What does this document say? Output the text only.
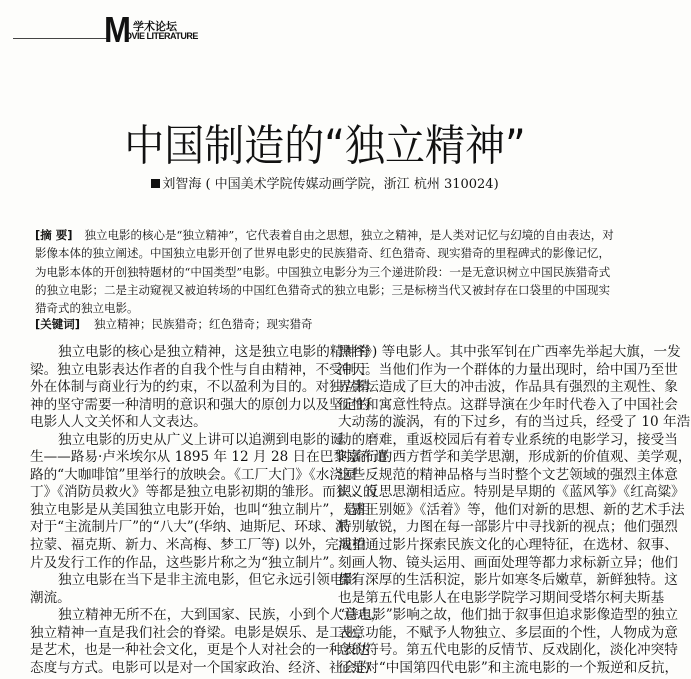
M 学术论坛
OVIE LITERATURE
中国制造的“独立精神”
刘智海 ( 中国美术学院传媒动画学院，浙江 杭州 310024)
[摘 要] 独立电影的核心是“独立精神”，它代表着自由之思想，独立之精神，是人类对记忆与幻境的自由表达，对影像本体的独立阐述。中国独立电影开创了世界电影史的民族猎奇、红色猎奇、现实猎奇的里程碑式的影像记忆，为电影本体的开创独特题材的“中国类型”电影。中国独立电影分为三个递进阶段：一是无意识树立中国民族猎奇式的独立电影；二是主动窥视又被迫转场的中国红色猎奇式的独立电影；三是标榜当代又被封存在口袋里的中国现实猎奇式的独立电影。
[关键词] 独立精神；民族猎奇；红色猎奇；现实猎奇
独立电影的核心是独立精神，这是独立电影的精神脊
梁。独立电影表达作者的自我个性与自由精神，不受制于
外在体制与商业行为的约束，不以盈利为目的。对独立精
神的坚守需要一种清明的意识和强大的原创力以及坚定的
电影人人文关怀和人文表达。
独立电影的历史从广义上讲可以追溯到电影的诞
生——路易·卢米埃尔从 1895 年 12 月 28 日在巴黎嘉布遣
路的“大咖啡馆”里举行的放映会。《工厂大门》《水浇园
丁》《消防员救火》等都是独立电影初期的雏形。而狭义的
独立电影是从美国独立电影开始，也叫“独立制片”，是相
对于“主流制片厂”的“八大”(华纳、迪斯尼、环球、派
拉蒙、福克斯、新力、米高梅、梦工厂等) 以外，完成拍
片及发行工作的作品，这些影片称之为“独立制片”。
独立电影在当下是非主流电影，但它永远引领电影
潮流。
独立精神无所不在，大到国家、民族，小到个人意志，
独立精神一直是我们社会的脊梁。电影是娱乐、是工业，
是艺术，也是一种社会文化，更是个人对社会的一种表达
态度与方式。电影可以是对一个国家政治、经济、社会的
黑谷》) 等电影人。其中张军钊在广西率先举起大旗，一发
冲天。当他们作为一个群体的力量出现时，给中国乃至世
界影坛造成了巨大的冲击波，作品具有强烈的主观性、象
征性和寓意性特点。这群导演在少年时代卷入了中国社会
大动荡的漩涡，有的下过乡，有的当过兵，经受了 10 年浩
劫的磨难，重返校园后有着专业系统的电影学习，接受当
时流行的西方哲学和美学思潮，形成新的价值观、美学观，
这些反规范的精神品格与当时整个文艺领域的强烈主体意
识、反思思潮相适应。特别是早期的《蓝风筝》《红高粱》
《霸王别姬》《活着》等，他们对新的思想、新的艺术手法
特别敏锐，力图在每一部影片中寻找新的视点；他们强烈
渴望通过影片探索民族文化的心理特征，在选材、叙事、
刻画人物、镜头运用、画面处理等都力求标新立异；他们
都有深厚的生活积淀，影片如寒冬后嫩草，新鲜独特。这
也是第五代电影人在电影学院学习期间受塔尔柯夫斯基
“诗电影”影响之故，他们拙于叙事但追求影像造型的独立
表意功能，不赋予人物独立、多层面的个性，人物成为意
念的符号。第五代电影的反情节、反戏剧化，淡化冲突特
征是对“中国第四代电影”和主流电影的一个叛逆和反抗，
